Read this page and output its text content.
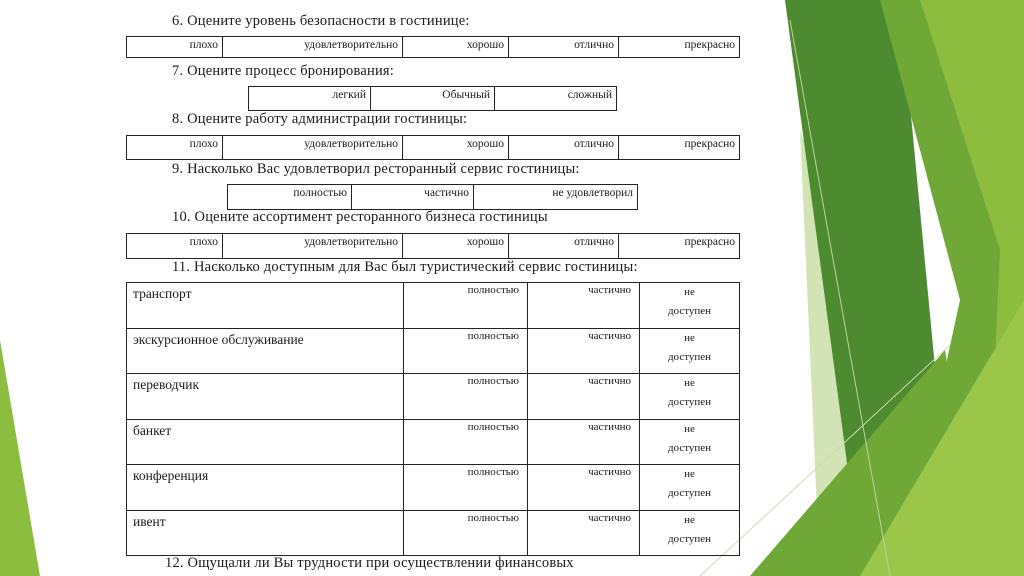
6. Оцените уровень безопасности в гостинице:
плохо	удовлетворительно	хорошо	отлично	прекрасно
7. Оцените процесс бронирования:
легкий	Обычный	сложный
8. Оцените работу администрации гостиницы:
плохо	удовлетворительно	хорошо	отлично	прекрасно
9. Насколько Вас удовлетворил ресторанный сервис гостиницы:
полностью	частично	не удовлетворил
10. Оцените ассортимент ресторанного бизнеса гостиницы
плохо	удовлетворительно	хорошо	отлично	прекрасно
11. Насколько доступным для Вас был туристический сервис гостиницы:
транспорт	полностью	частично	не
доступен
экскурсионное обслуживание	полностью	частично	не
доступен
переводчик	полностью	частично	не
доступен
банкет	полностью	частично	не
доступен
конференция	полностью	частично	не
доступен
ивент	полностью	частично	не
доступен
12. Ощущали ли Вы трудности при осуществлении финансовых
